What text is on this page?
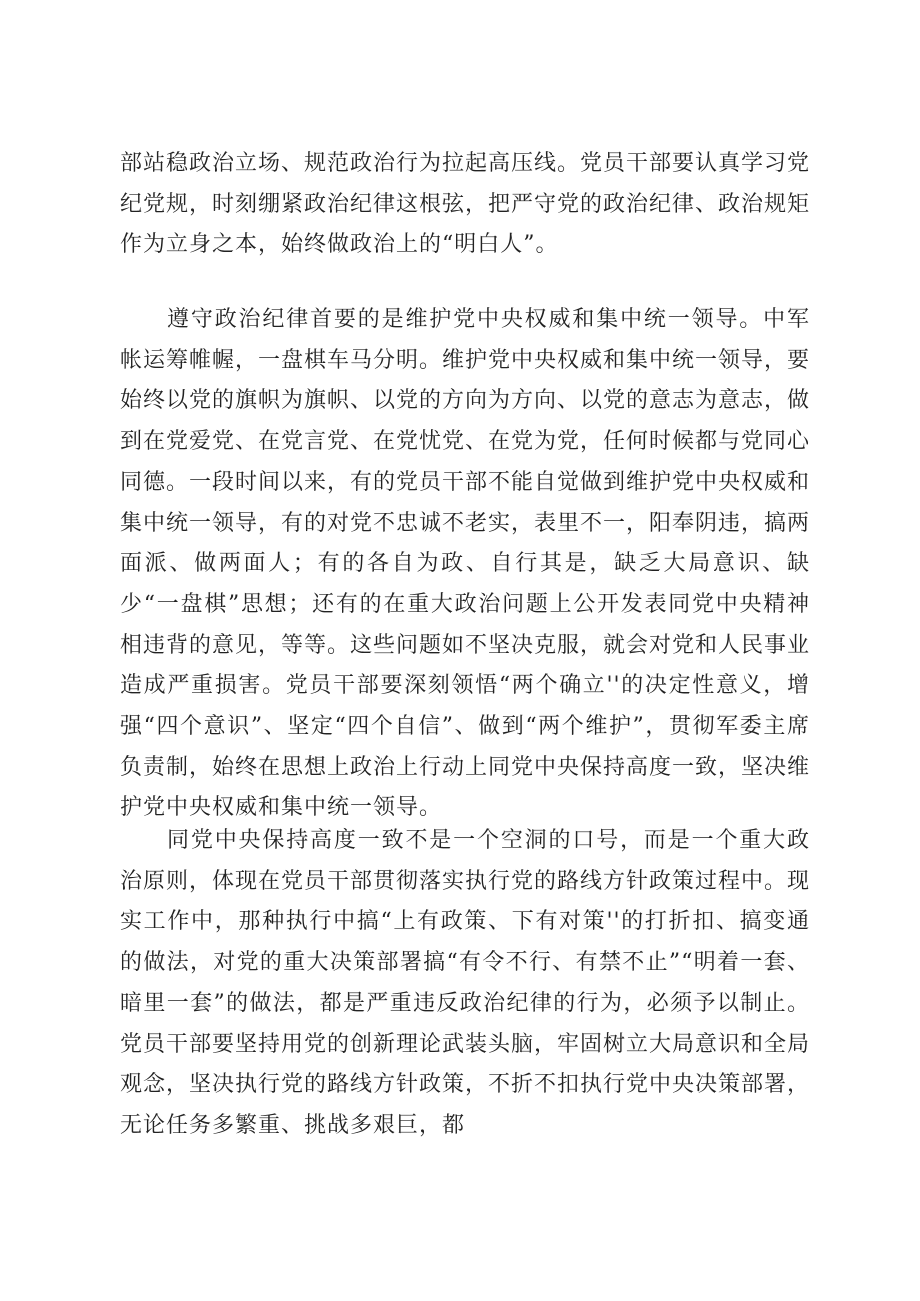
部站稳政治立场、规范政治行为拉起高压线。党员干部要认真学习党纪党规，时刻绷紧政治纪律这根弦，把严守党的政治纪律、政治规矩作为立身之本，始终做政治上的“明白人”。
遵守政治纪律首要的是维护党中央权威和集中统一领导。中军帐运筹帷幄，一盘棋车马分明。维护党中央权威和集中统一领导，要始终以党的旗帜为旗帜、以党的方向为方向、以党的意志为意志，做到在党爱党、在党言党、在党忧党、在党为党，任何时候都与党同心同德。一段时间以来，有的党员干部不能自觉做到维护党中央权威和集中统一领导，有的对党不忠诚不老实，表里不一，阳奉阴违，搞两面派、做两面人；有的各自为政、自行其是，缺乏大局意识、缺少“一盘棋”思想；还有的在重大政治问题上公开发表同党中央精神相违背的意见，等等。这些问题如不坚决克服，就会对党和人民事业造成严重损害。党员干部要深刻领悟“两个确立''的决定性意义，增强“四个意识”、坚定“四个自信”、做到“两个维护”，贯彻军委主席负责制，始终在思想上政治上行动上同党中央保持高度一致，坚决维护党中央权威和集中统一领导。
同党中央保持高度一致不是一个空洞的口号，而是一个重大政治原则，体现在党员干部贯彻落实执行党的路线方针政策过程中。现实工作中，那种执行中搞“上有政策、下有对策''的打折扣、搞变通的做法，对党的重大决策部署搞“有令不行、有禁不止”“明着一套、暗里一套”的做法，都是严重违反政治纪律的行为，必须予以制止。党员干部要坚持用党的创新理论武装头脑，牢固树立大局意识和全局观念，坚决执行党的路线方针政策，不折不扣执行党中央决策部署，无论任务多繁重、挑战多艰巨，都
